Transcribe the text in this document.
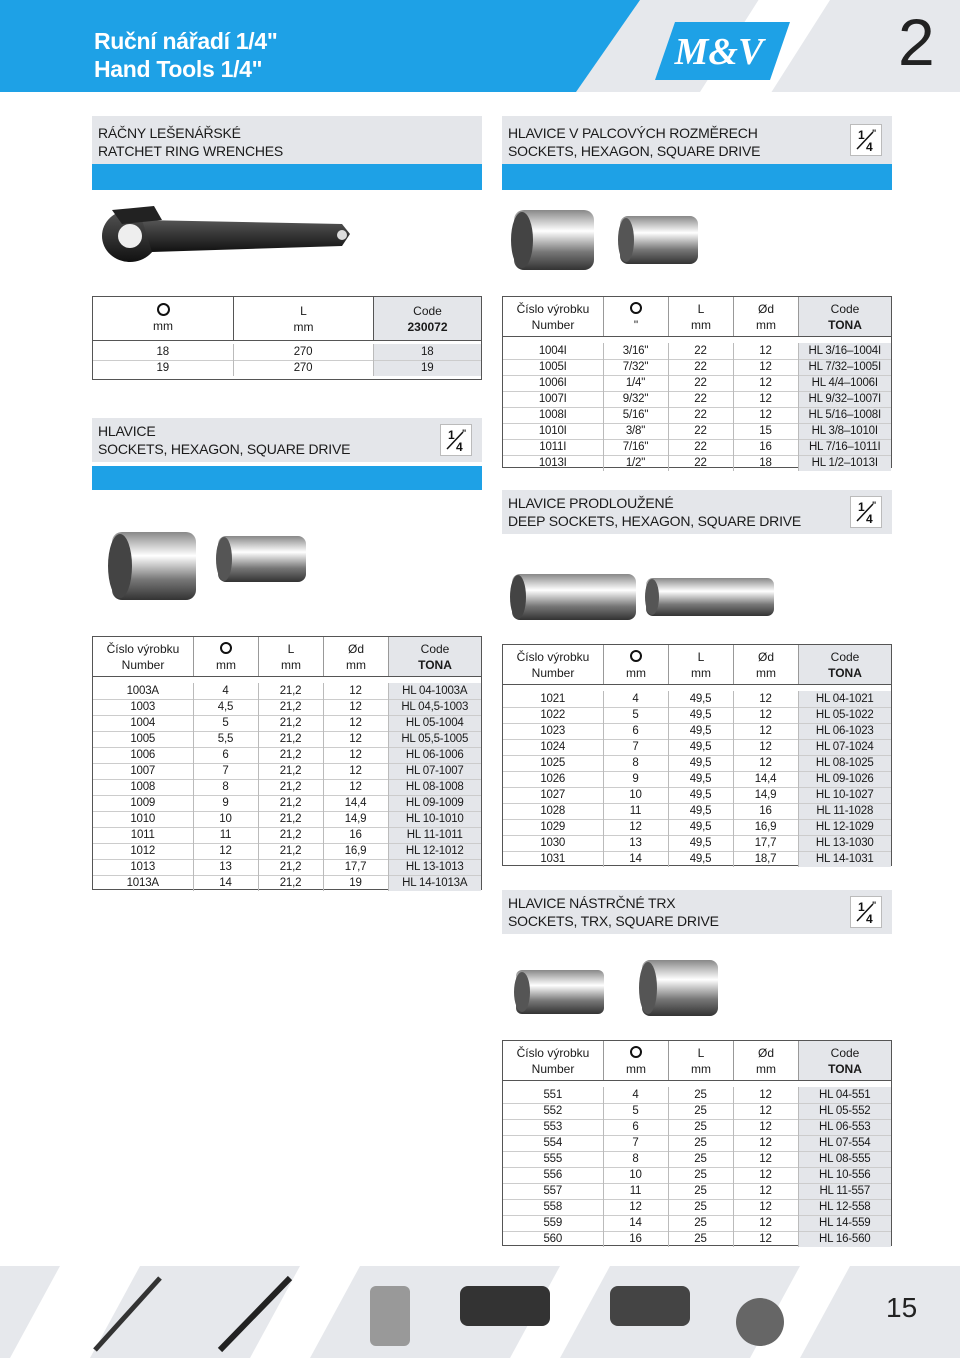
Ruční nářadí 1/4"
Hand Tools 1/4"	M&V 2
RÁČNY LEŠENÁŘSKÉ
RATCHET RING WRENCHES
mm
L
mm
Code
230072
18	270	18
19	270	19
HLAVICE
SOCKETS, HEXAGON, SQUARE DRIVE
1
4
"
Číslo výrobku
Number	mm
L
mm
Ød
mm
Code
TONA
1003A	4	21,2	12	HL 04-1003A
1003	4,5	21,2	12	HL 04,5-1003
1004	5	21,2	12	HL 05-1004
1005	5,5	21,2	12	HL 05,5-1005
1006	6	21,2	12	HL 06-1006
1007	7	21,2	12	HL 07-1007
1008	8	21,2	12	HL 08-1008
1009	9	21,2	14,4	HL 09-1009
1010	10	21,2	14,9	HL 10-1010
1011	11	21,2	16	HL 11-1011
1012	12	21,2	16,9	HL 12-1012
1013	13	21,2	17,7	HL 13-1013
1013A	14	21,2	19	HL 14-1013A
HLAVICE V PALCOVÝCH ROZMĚRECH
SOCKETS, HEXAGON, SQUARE DRIVE
1
4
"
Číslo výrobku
Number	"
L
mm
Ød
mm
Code
TONA
1004I	3/16"	22	12	HL 3/16–1004I
1005I	7/32"	22	12	HL 7/32–1005I
1006I	1/4"	22	12	HL 4/4–1006I
1007I	9/32"	22	12	HL 9/32–1007I
1008I	5/16"	22	12	HL 5/16–1008I
1010I	3/8"	22	15	HL 3/8–1010I
1011I	7/16"	22	16	HL 7/16–1011I
1013I	1/2"	22	18	HL 1/2–1013I
HLAVICE PRODLOUŽENÉ
DEEP SOCKETS, HEXAGON, SQUARE DRIVE
1
4
"
Číslo výrobku
Number	mm
L
mm
Ød
mm
Code
TONA
1021	4	49,5	12	HL 04-1021
1022	5	49,5	12	HL 05-1022
1023	6	49,5	12	HL 06-1023
1024	7	49,5	12	HL 07-1024
1025	8	49,5	12	HL 08-1025
1026	9	49,5	14,4	HL 09-1026
1027	10	49,5	14,9	HL 10-1027
1028	11	49,5	16	HL 11-1028
1029	12	49,5	16,9	HL 12-1029
1030	13	49,5	17,7	HL 13-1030
1031	14	49,5	18,7	HL 14-1031
HLAVICE NÁSTRČNÉ TRX
SOCKETS, TRX, SQUARE DRIVE
1
4
"
Číslo výrobku
Number	mm
L
mm
Ød
mm
Code
TONA
551	4	25	12	HL 04-551
552	5	25	12	HL 05-552
553	6	25	12	HL 06-553
554	7	25	12	HL 07-554
555	8	25	12	HL 08-555
556	10	25	12	HL 10-556
557	11	25	12	HL 11-557
558	12	25	12	HL 12-558
559	14	25	12	HL 14-559
560	16	25	12	HL 16-560
15
